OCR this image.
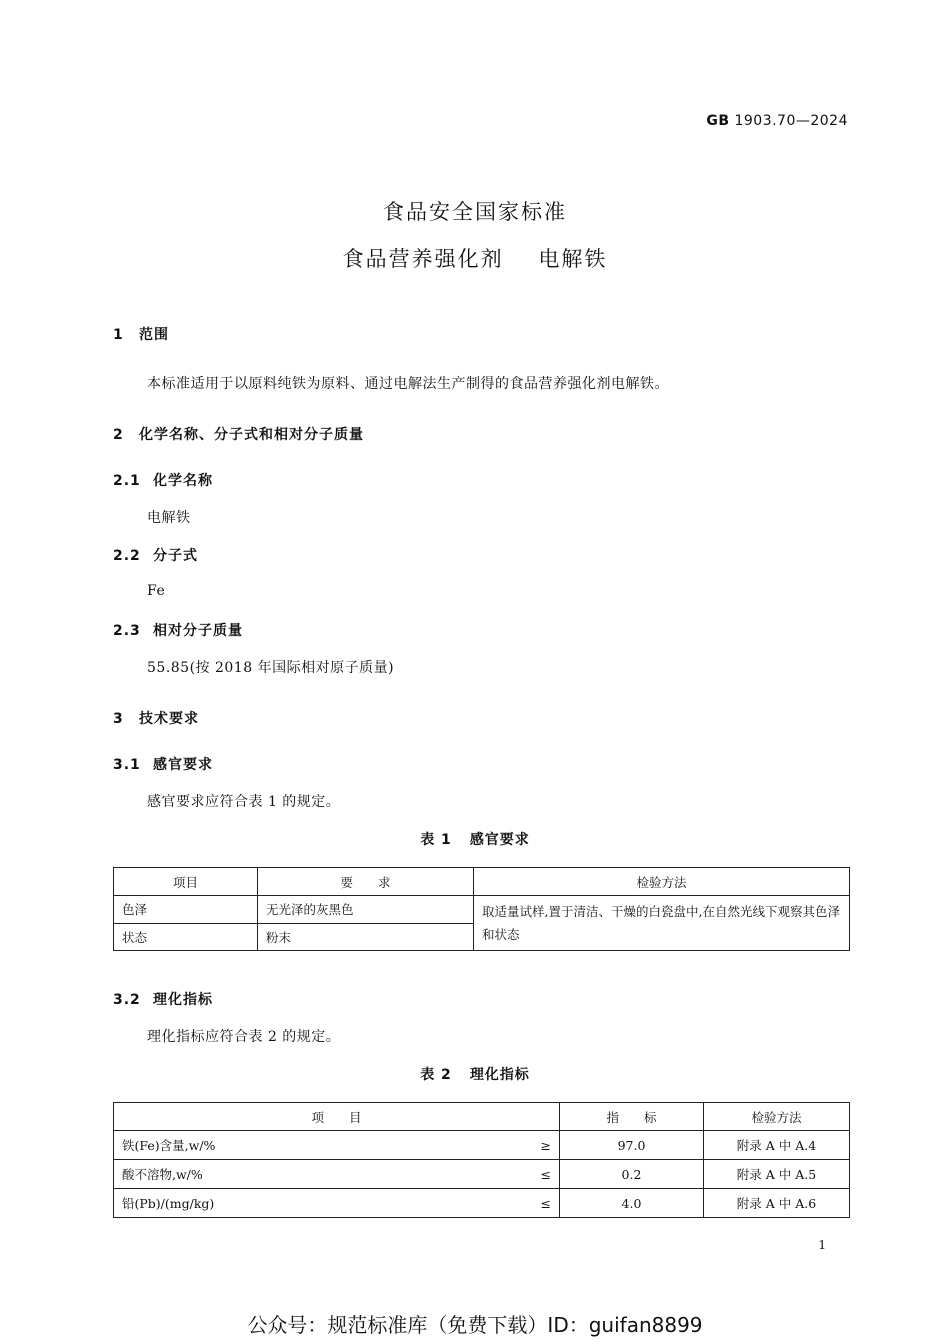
GB 1903.70—2024
食品安全国家标准
食品营养强化剂 电解铁
1 范围
本标准适用于以原料纯铁为原料、通过电解法生产制得的食品营养强化剂电解铁。
2 化学名称、分子式和相对分子质量
2.1 化学名称
电解铁
2.2 分子式
Fe
2.3 相对分子质量
55.85(按 2018 年国际相对原子质量)
3 技术要求
3.1 感官要求
感官要求应符合表 1 的规定。
表 1 感官要求
项目	要　　求	检验方法
色泽	无光泽的灰黑色	取适量试样,置于清洁、干燥的白瓷盘中,在自然光线下观察其色泽和状态
状态	粉末	
3.2 理化指标
理化指标应符合表 2 的规定。
表 2 理化指标
项　　目	指　　标	检验方法

铁(Fe)含量,w/% ≥	97.0	附录 A 中 A.4

酸不溶物,w/% ≤	0.2	附录 A 中 A.5

铅(Pb)/(mg/kg) ≤	4.0	附录 A 中 A.6
1
公众号：规范标准库（免费下载）ID：guifan8899
